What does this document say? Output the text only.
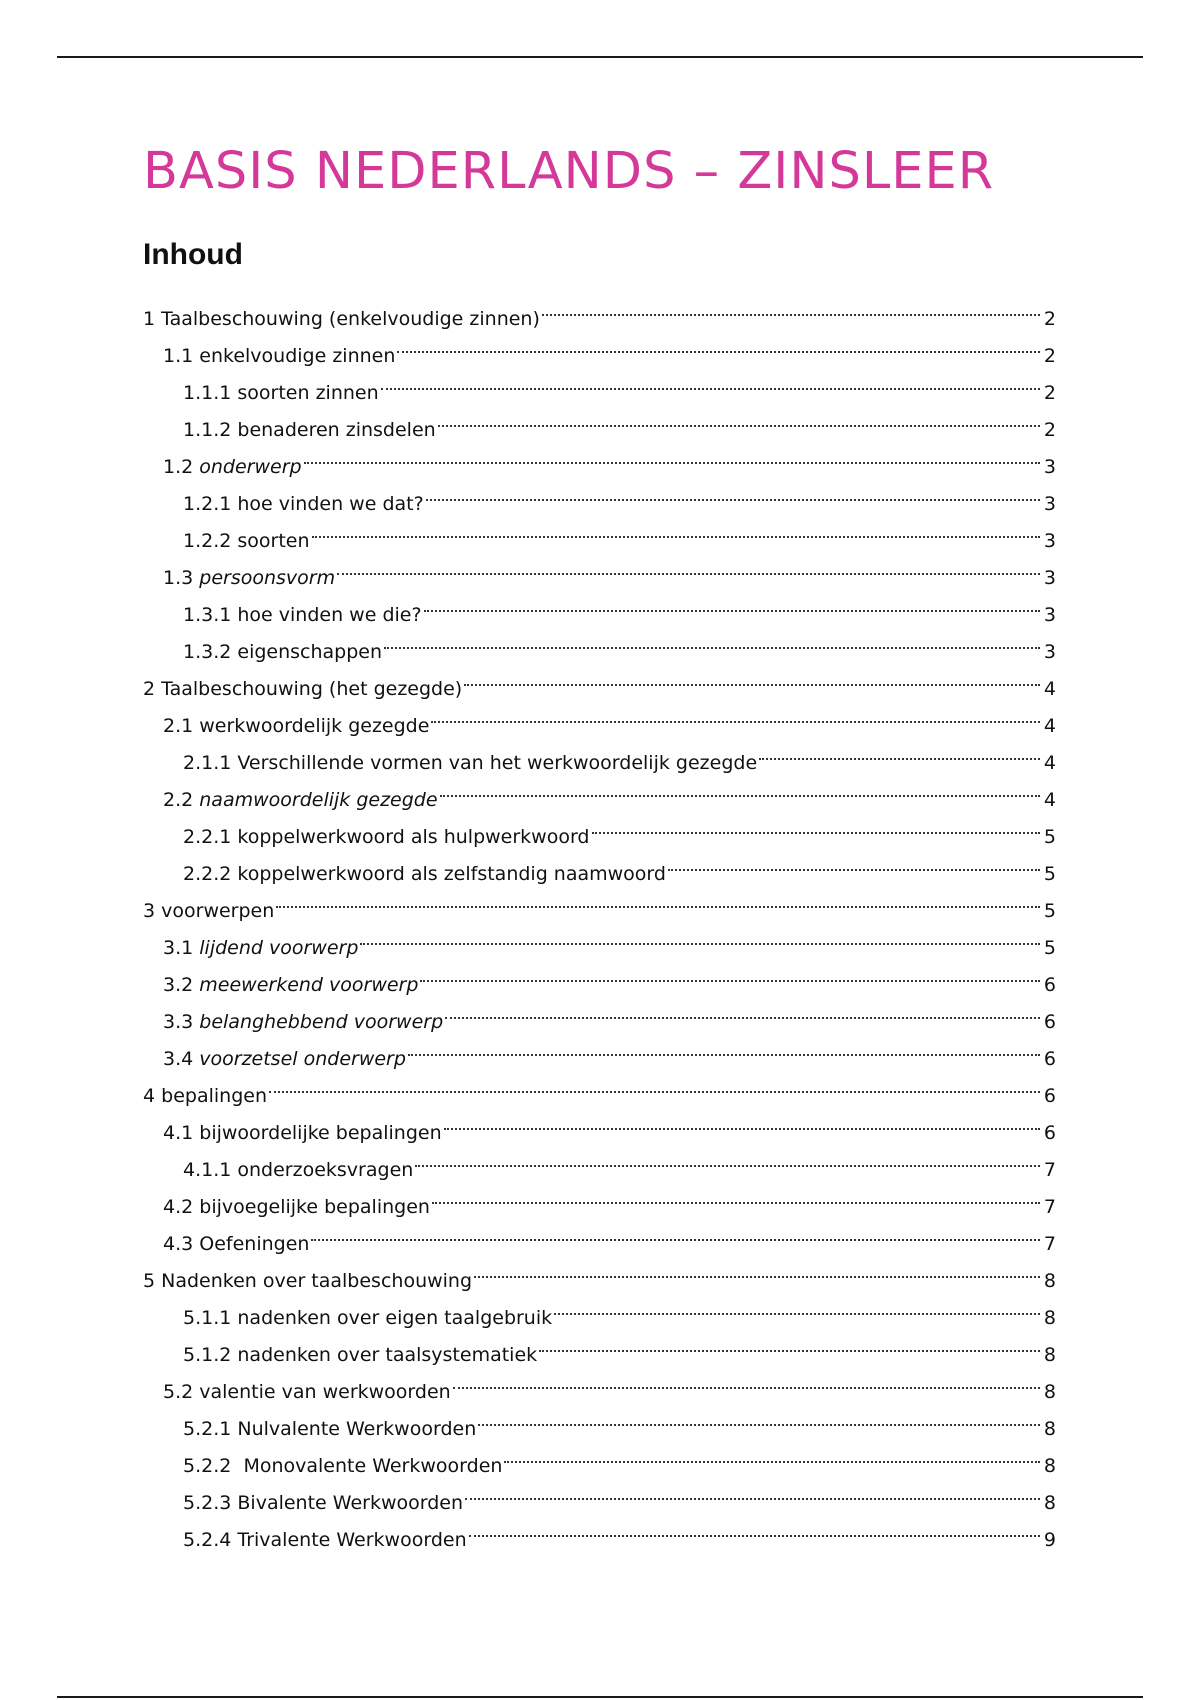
BASIS NEDERLANDS – ZINSLEER
Inhoud
1 Taalbeschouwing (enkelvoudige zinnen)	2
1.1 enkelvoudige zinnen	2
1.1.1 soorten zinnen	2
1.1.2 benaderen zinsdelen	2
1.2 onderwerp	3
1.2.1 hoe vinden we dat?	3
1.2.2 soorten	3
1.3 persoonsvorm	3
1.3.1 hoe vinden we die?	3
1.3.2 eigenschappen	3
2 Taalbeschouwing (het gezegde)	4
2.1 werkwoordelijk gezegde	4
2.1.1 Verschillende vormen van het werkwoordelijk gezegde	4
2.2 naamwoordelijk gezegde	4
2.2.1 koppelwerkwoord als hulpwerkwoord	5
2.2.2 koppelwerkwoord als zelfstandig naamwoord	5
3 voorwerpen	5
3.1 lijdend voorwerp	5
3.2 meewerkend voorwerp	6
3.3 belanghebbend voorwerp	6
3.4 voorzetsel onderwerp	6
4 bepalingen	6
4.1 bijwoordelijke bepalingen	6
4.1.1 onderzoeksvragen	7
4.2 bijvoegelijke bepalingen	7
4.3 Oefeningen	7
5 Nadenken over taalbeschouwing	8
5.1.1 nadenken over eigen taalgebruik	8
5.1.2 nadenken over taalsystematiek	8
5.2 valentie van werkwoorden	8
5.2.1 Nulvalente Werkwoorden	8
5.2.2 Monovalente Werkwoorden	8
5.2.3 Bivalente Werkwoorden	8
5.2.4 Trivalente Werkwoorden	9
